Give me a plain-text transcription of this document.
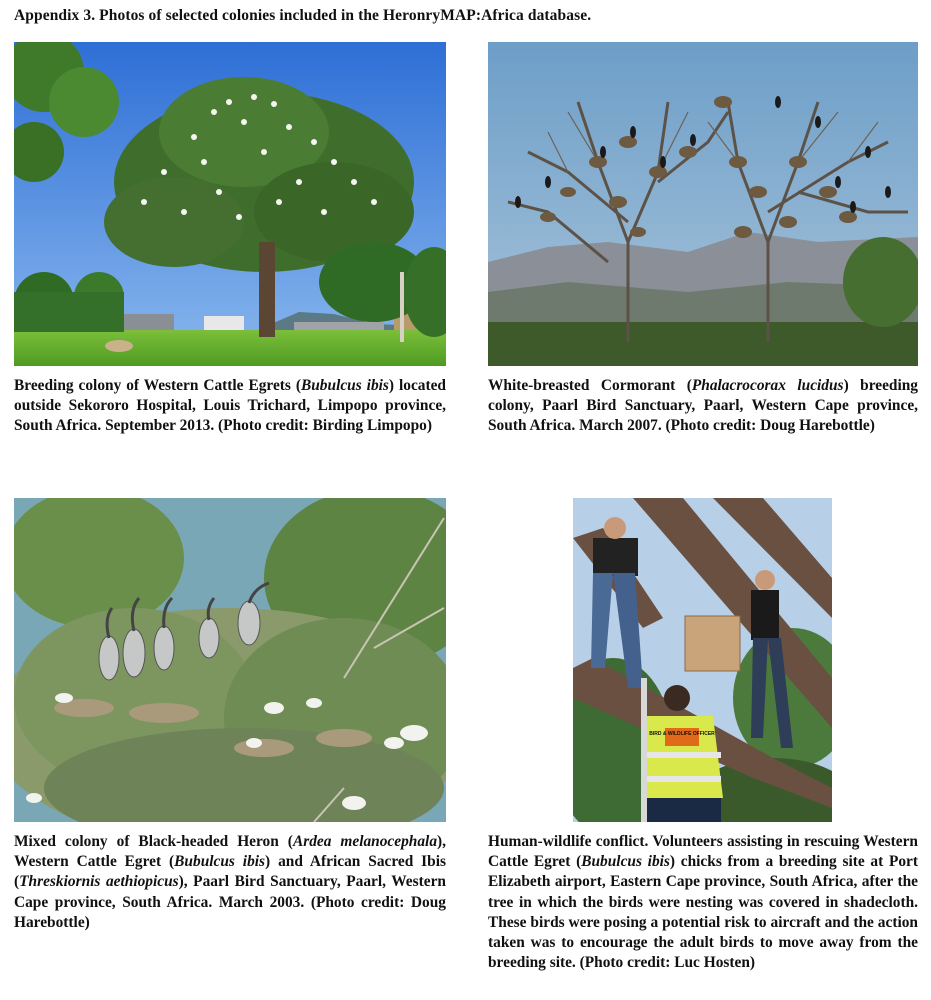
Appendix 3. Photos of selected colonies included in the HeronryMAP:Africa database.
BIRD & WILDLIFE OFFICER
Breeding colony of Western Cattle Egrets (Bubulcus ibis) located outside Sekororo Hospital, Louis Trichard, Limpopo province, South Africa. September 2013. (Photo credit: Birding Limpopo)
White-breasted Cormorant (Phalacrocorax lucidus) breeding colony, Paarl Bird Sanctuary, Paarl, Western Cape province, South Africa. March 2007. (Photo credit: Doug Harebottle)
Mixed colony of Black-headed Heron (Ardea melanocephala), Western Cattle Egret (Bubulcus ibis) and African Sacred Ibis (Threskiornis aethiopicus), Paarl Bird Sanctuary, Paarl, Western Cape province, South Africa. March 2003. (Photo credit: Doug Harebottle)
Human-wildlife conflict. Volunteers assisting in rescuing Western Cattle Egret (Bubulcus ibis) chicks from a breeding site at Port Elizabeth airport, Eastern Cape province, South Africa, after the tree in which the birds were nesting was covered in shadecloth. These birds were posing a potential risk to aircraft and the action taken was to encourage the adult birds to move away from the breeding site. (Photo credit: Luc Hosten)
